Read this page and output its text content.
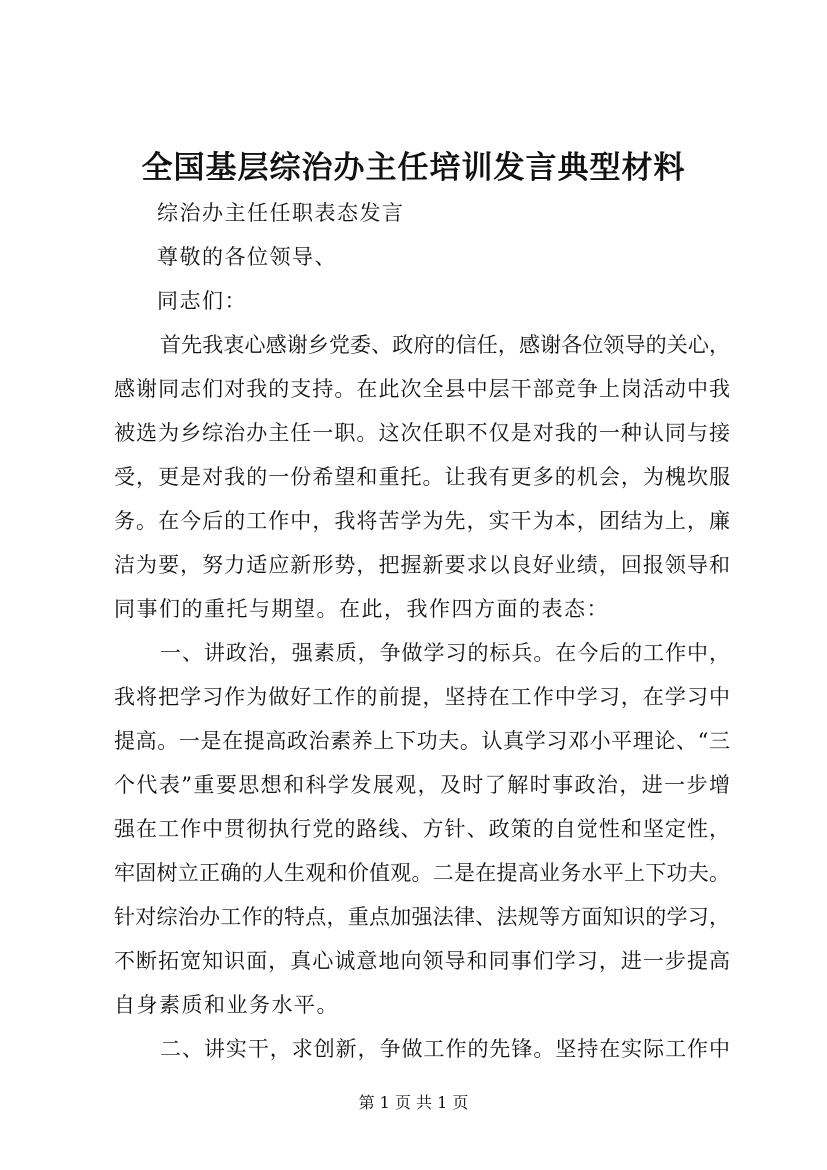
全国基层综治办主任培训发言典型材料
综治办主任任职表态发言
尊敬的各位领导、
同志们：
首先我衷心感谢乡党委、政府的信任，感谢各位领导的关心，
感谢同志们对我的支持。在此次全县中层干部竞争上岗活动中我
被选为乡综治办主任一职。这次任职不仅是对我的一种认同与接
受，更是对我的一份希望和重托。让我有更多的机会，为槐坎服
务。在今后的工作中，我将苦学为先，实干为本，团结为上，廉
洁为要，努力适应新形势，把握新要求以良好业绩，回报领导和
同事们的重托与期望。在此，我作四方面的表态：
一、讲政治，强素质，争做学习的标兵。在今后的工作中，
我将把学习作为做好工作的前提，坚持在工作中学习，在学习中
提高。一是在提高政治素养上下功夫。认真学习邓小平理论、“三
个代表”重要思想和科学发展观，及时了解时事政治，进一步增
强在工作中贯彻执行党的路线、方针、政策的自觉性和坚定性，
牢固树立正确的人生观和价值观。二是在提高业务水平上下功夫。
针对综治办工作的特点，重点加强法律、法规等方面知识的学习，
不断拓宽知识面，真心诚意地向领导和同事们学习，进一步提高
自身素质和业务水平。
二、讲实干，求创新，争做工作的先锋。坚持在实际工作中
第 1 页 共 1 页
